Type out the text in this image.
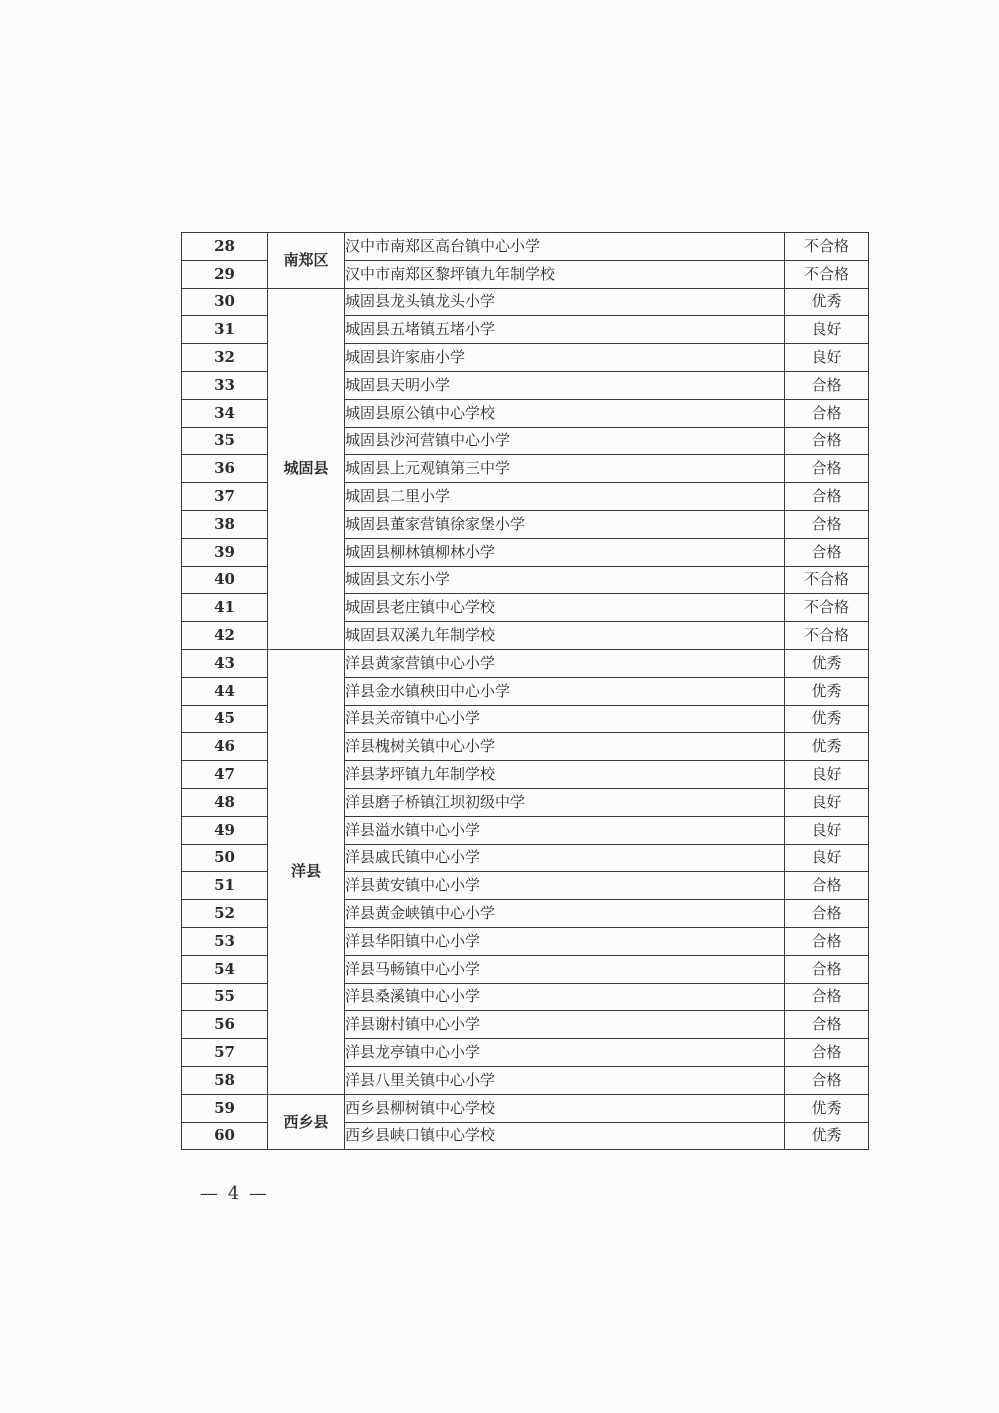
28	南郑区	汉中市南郑区高台镇中心小学	不合格
29		汉中市南郑区黎坪镇九年制学校	不合格
30	城固县	城固县龙头镇龙头小学	优秀
31		城固县五堵镇五堵小学	良好
32		城固县许家庙小学	良好
33		城固县天明小学	合格
34		城固县原公镇中心学校	合格
35		城固县沙河营镇中心小学	合格
36		城固县上元观镇第三中学	合格
37		城固县二里小学	合格
38		城固县董家营镇徐家堡小学	合格
39		城固县柳林镇柳林小学	合格
40		城固县文东小学	不合格
41		城固县老庄镇中心学校	不合格
42		城固县双溪九年制学校	不合格
43	洋县	洋县黄家营镇中心小学	优秀
44		洋县金水镇秧田中心小学	优秀
45		洋县关帝镇中心小学	优秀
46		洋县槐树关镇中心小学	优秀
47		洋县茅坪镇九年制学校	良好
48		洋县磨子桥镇江坝初级中学	良好
49		洋县溢水镇中心小学	良好
50		洋县戚氏镇中心小学	良好
51		洋县黄安镇中心小学	合格
52		洋县黄金峡镇中心小学	合格
53		洋县华阳镇中心小学	合格
54		洋县马畅镇中心小学	合格
55		洋县桑溪镇中心小学	合格
56		洋县谢村镇中心小学	合格
57		洋县龙亭镇中心小学	合格
58		洋县八里关镇中心小学	合格
59	西乡县	西乡县柳树镇中心学校	优秀
60		西乡县峡口镇中心学校	优秀
— 4 —
